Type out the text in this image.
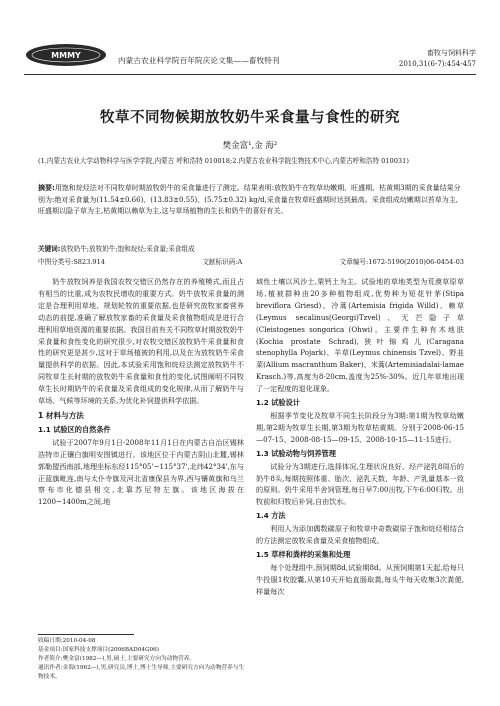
MMMY
内蒙古农业科学院百年院庆论文集——畜牧特刊
畜牧与饲料科学
2010,31(6-7):454-457
牧草不同物候期放牧奶牛采食量与食性的研究
樊金富¹,金 海²
(1.内蒙古农业大学动物科学与医学学院,内蒙古 呼和浩特 010018;2.内蒙古农业科学院生物技术中心,内蒙古呼和浩特 010031)
摘要:用饱和烷烃法对不同牧草时期放牧奶牛的采食量进行了测定。结果表明:放牧奶牛在牧草幼嫩期、旺盛期、枯黄期3期的采食量结果分别为:绝对采食量为(11.54±0.66)、(13.83±0.55)、(5.75±0.32) kg/d,采食量在牧草旺盛期时达到最高。采食组成幼嫩期以苔草为主,旺盛期以隐子草为主,枯黄期以赖草为主,这与草场植物的生长和奶牛的喜好有关。
关键词:放牧奶牛;放牧奶牛;饱和烷烃;采食量;采食组成
中图分类号:S823.914	文献标识码:A	文章编号:1672-5190(2010)06-0454-03

奶牛放牧饲养是我国农牧交错区仍然存在的养殖模式,而且占有相当的比重,成为农牧民增收的重要方式。奶牛放牧采食量的测定是合理利用草地、规划轮牧的重要依据,也是研究放牧家畜营养动态的前提,准确了解放牧家畜的采食量及采食植物组成是进行合理利用草地资源的重要依据。我国目前有关不同牧草时期放牧奶牛采食量和食性变化的研究很少,对农牧交错区放牧奶牛采食量和食性的研究更是甚少,这对于草场植被的利用,以及在为放牧奶牛采食量提供科学的依据。因此,本试验采用饱和烷烃法测定放牧奶牛不同牧草生长时期的放牧奶牛采食量和食性的变化,试图阐明不同牧草生长时期奶牛的采食量及采食组成的变化规律,从而了解奶牛与草场、气候等环境的关系,为优化补饲提供科学依据。

1 材料与方法
1.1 试验区的自然条件

试验于2007年9月1日-2008年11月1日在内蒙古自治区锡林浩特市正镶白旗明安图镇进行。该地区位于内蒙古阴山北麓,锡林郭勒盟西南部,地理坐标东经115°05'~115°37',北纬42°34',东与正蓝旗毗连,南与太仆寺旗及河北省康保县为界,西与镶黄旗和乌兰察布市化德县相交,北靠苏尼特左旗。该地区海拔在1200~1400m之间,地

域性土壤以风沙土,栗钙土为主。试验地的草地类型为荒漠草原草场,植被群种由20多种植物组成,优势种为短花针茅(Stipa breviflora Griesd)、冷蒿(Artemisia frigida Willd)、赖草(Leymus secalinus(Georgi)Tzvel)、无芒隐子草(Cleistogenes songorica (Ohwi)。主要伴生种有木地肤(Kochia prostate Schrad),狭叶锦鸡儿(Caragana stenophylla Pojark)、羊草(Leymus chinensis Tzvel)、野韭菜(Allium macranthum Baker)、米蒿(Artemisiadalai-lamae Krasch.)等,高度为8-20cm,盖度为25%-30%。近几年草地出现了一定程度的退化现象。

1.2 试验设计

根据季节变化及牧草不同生长阶段分为3期:第1期为牧草幼嫩期,第2期为牧草生长期,第3期为牧草枯黄期。分别于2008-06-15—07-15、2008-08-15—09-15、2008-10-15—11-15进行。

1.3 试验动物与饲养管理

试验分为3期进行,选择体况,生理状况良好、经产泌乳8周后的奶牛8头,每期按照体重、胎次、泌乳天数、年龄、产乳量基本一致的原则。奶牛采用半舍饲管理,每日早7:00出牧,下午6:00归牧。出牧前和归牧后补饲,自由饮水。

1.4 方法

利用人为添加偶数碳原子和牧草中奇数碳原子饱和烷烃相结合的方法测定放牧采食量及采食植物组成。

1.5 草样和粪样的采集和处理

每个处理组中,预饲期8d,试验期8d。从预饲期第1天起,给每只牛投服1枚胶囊,从第10天开始直肠取粪,每头牛每天收集3次粪便,样量每次

收稿日期:2010-04-08
基金项目:国家科技支撑项目(2006BAD04G06)
作者简介:樊金富(1982—),男,硕士,主要研究方向为动物营养。
通讯作者:金海(1962—),男,研究员,博士,博士生导师,主要研究方向为动物营养与生物技术。
